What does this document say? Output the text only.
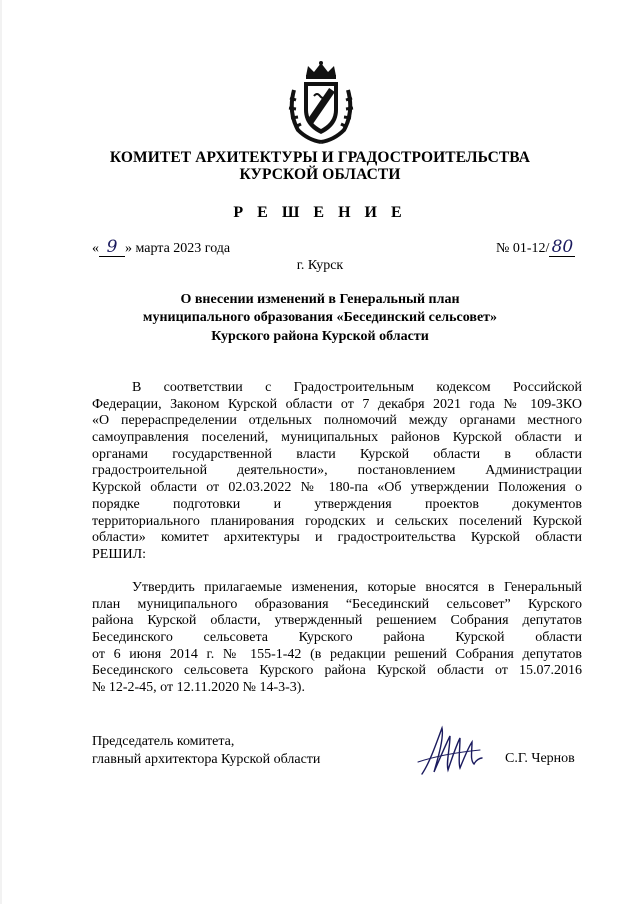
КОМИТЕТ АРХИТЕКТУРЫ И ГРАДОСТРОИТЕЛЬСТВА
КУРСКОЙ ОБЛАСТИ
Р Е Ш Е Н И Е
« 9 » марта 2023 года	№ 01-12/ 80
г. Курск
О внесении изменений в Генеральный план
муниципального образования «Бесединский сельсовет»
Курского района Курской области
В соответствии с Градостроительным кодексом Российской
Федерации, Законом Курской области от 7 декабря 2021 года № 109-ЗКО
«О перераспределении отдельных полномочий между органами местного
самоуправления поселений, муниципальных районов Курской области и
органами государственной власти Курской области в области
градостроительной деятельности», постановлением Администрации
Курской области от 02.03.2022 № 180-па «Об утверждении Положения о
порядке подготовки и утверждения проектов документов
территориального планирования городских и сельских поселений Курской
области» комитет архитектуры и градостроительства Курской области
РЕШИЛ:
Утвердить прилагаемые изменения, которые вносятся в Генеральный
план муниципального образования “Бесединский сельсовет” Курского
района Курской области, утвержденный решением Собрания депутатов
Бесединского сельсовета Курского района Курской области
от 6 июня 2014 г. № 155-1-42 (в редакции решений Собрания депутатов
Бесединского сельсовета Курского района Курской области от 15.07.2016
№ 12-2-45, от 12.11.2020 № 14-3-3).
Председатель комитета,
главный архитектора Курской области	С.Г. Чернов
